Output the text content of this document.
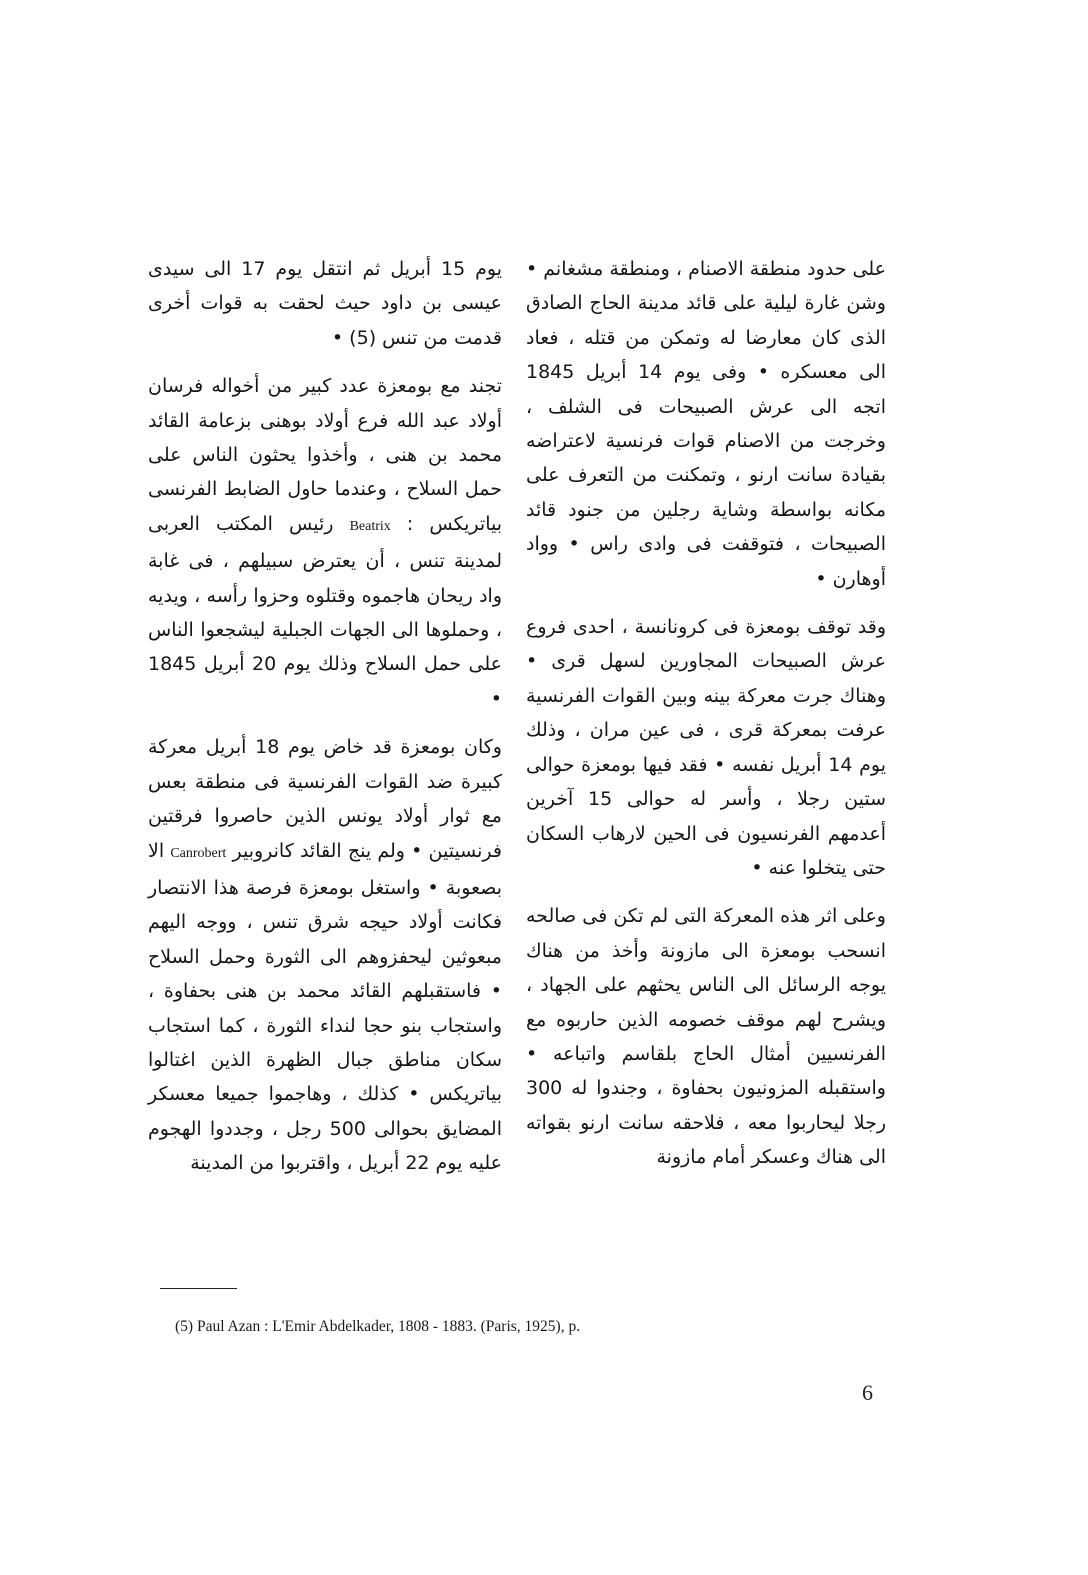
على حدود منطقة الاصنام ، ومنطقة مشغانم • وشن غارة ليلية على قائد مدينة الحاج الصادق الذى كان معارضا له وتمكن من قتله ، فعاد الى معسكره • وفى يوم 14 أبريل 1845 اتجه الى عرش الصبيحات فى الشلف ، وخرجت من الاصنام قوات فرنسية لاعتراضه بقيادة سانت ارنو ، وتمكنت من التعرف على مكانه بواسطة وشاية رجلين من جنود قائد الصبيحات ، فتوقفت فى وادى راس • وواد أوهارن •

وقد توقف بومعزة فى كرونانسة ، احدى فروع عرش الصبيحات المجاورين لسهل قرى • وهناك جرت معركة بينه وبين القوات الفرنسية عرفت بمعركة قرى ، فى عين مران ، وذلك يوم 14 أبريل نفسه • فقد فيها بومعزة حوالى ستين رجلا ، وأسر له حوالى 15 آخرين أعدمهم الفرنسيون فى الحين لارهاب السكان حتى يتخلوا عنه •

وعلى اثر هذه المعركة التى لم تكن فى صالحه انسحب بومعزة الى مازونة وأخذ من هناك يوجه الرسائل الى الناس يحثهم على الجهاد ، ويشرح لهم موقف خصومه الذين حاربوه مع الفرنسيين أمثال الحاج بلقاسم واتباعه • واستقبله المزونيون بحفاوة ، وجندوا له 300 رجلا ليحاربوا معه ، فلاحقه سانت ارنو بقواته الى هناك وعسكر أمام مازونة

يوم 15 أبريل ثم انتقل يوم 17 الى سيدى عيسى بن داود حيث لحقت به قوات أخرى قدمت من تنس (5) •

تجند مع بومعزة عدد كبير من أخواله فرسان أولاد عبد الله فرع أولاد بوهنى بزعامة القائد محمد بن هنى ، وأخذوا يحثون الناس على حمل السلاح ، وعندما حاول الضابط الفرنسى بياتريكس : Beatrix رئيس المكتب العربى لمدينة تنس ، أن يعترض سبيلهم ، فى غابة واد ريحان هاجموه وقتلوه وحزوا رأسه ، ويديه ، وحملوها الى الجهات الجبلية ليشجعوا الناس على حمل السلاح وذلك يوم 20 أبريل 1845 •

وكان بومعزة قد خاض يوم 18 أبريل معركة كبيرة ضد القوات الفرنسية فى منطقة بعس مع ثوار أولاد يونس الذين حاصروا فرقتين فرنسيتين • ولم ينج القائد كانروبير Canrobert الا بصعوبة • واستغل بومعزة فرصة هذا الانتصار فكانت أولاد حيجه شرق تنس ، ووجه اليهم مبعوثين ليحفزوهم الى الثورة وحمل السلاح • فاستقبلهم القائد محمد بن هنى بحفاوة ، واستجاب بنو حجا لنداء الثورة ، كما استجاب سكان مناطق جبال الظهرة الذين اغتالوا بياتريكس • كذلك ، وهاجموا جميعا معسكر المضايق بحوالى 500 رجل ، وجددوا الهجوم عليه يوم 22 أبريل ، واقتربوا من المدينة

(5) Paul Azan : L'Emir Abdelkader, 1808 - 1883. (Paris, 1925), p.
6
